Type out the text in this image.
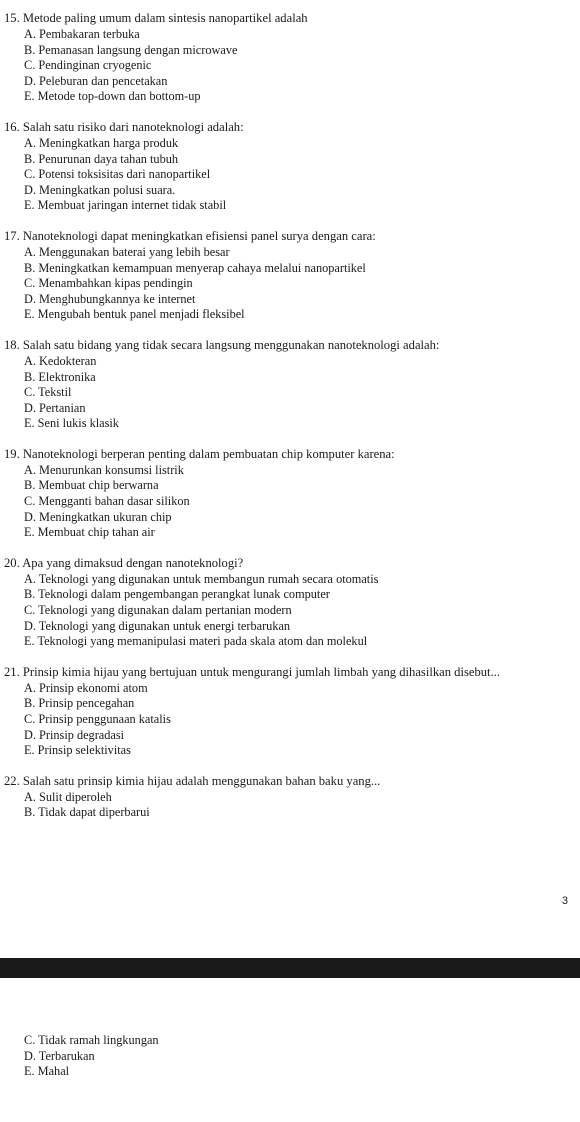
15. Metode paling umum dalam sintesis nanopartikel adalah
A. Pembakaran terbuka
B. Pemanasan langsung dengan microwave
C. Pendinginan cryogenic
D. Peleburan dan pencetakan
E. Metode top-down dan bottom-up
16. Salah satu risiko dari nanoteknologi adalah:
A. Meningkatkan harga produk
B. Penurunan daya tahan tubuh
C. Potensi toksisitas dari nanopartikel
D. Meningkatkan polusi suara.
E. Membuat jaringan internet tidak stabil
17. Nanoteknologi dapat meningkatkan efisiensi panel surya dengan cara:
A. Menggunakan baterai yang lebih besar
B. Meningkatkan kemampuan menyerap cahaya melalui nanopartikel
C. Menambahkan kipas pendingin
D. Menghubungkannya ke internet
E. Mengubah bentuk panel menjadi fleksibel
18. Salah satu bidang yang tidak secara langsung menggunakan nanoteknologi adalah:
A. Kedokteran
B. Elektronika
C. Tekstil
D. Pertanian
E. Seni lukis klasik
19. Nanoteknologi berperan penting dalam pembuatan chip komputer karena:
A. Menurunkan konsumsi listrik
B. Membuat chip berwarna
C. Mengganti bahan dasar silikon
D. Meningkatkan ukuran chip
E. Membuat chip tahan air
20. Apa yang dimaksud dengan nanoteknologi?
A. Teknologi yang digunakan untuk membangun rumah secara otomatis
B. Teknologi dalam pengembangan perangkat lunak computer
C. Teknologi yang digunakan dalam pertanian modern
D. Teknologi yang digunakan untuk energi terbarukan
E. Teknologi yang memanipulasi materi pada skala atom dan molekul
21. Prinsip kimia hijau yang bertujuan untuk mengurangi jumlah limbah yang dihasilkan disebut...
A. Prinsip ekonomi atom
B. Prinsip pencegahan
C. Prinsip penggunaan katalis
D. Prinsip degradasi
E. Prinsip selektivitas
22. Salah satu prinsip kimia hijau adalah menggunakan bahan baku yang...
A. Sulit diperoleh
B. Tidak dapat diperbarui
3
C. Tidak ramah lingkungan
D. Terbarukan
E. Mahal
